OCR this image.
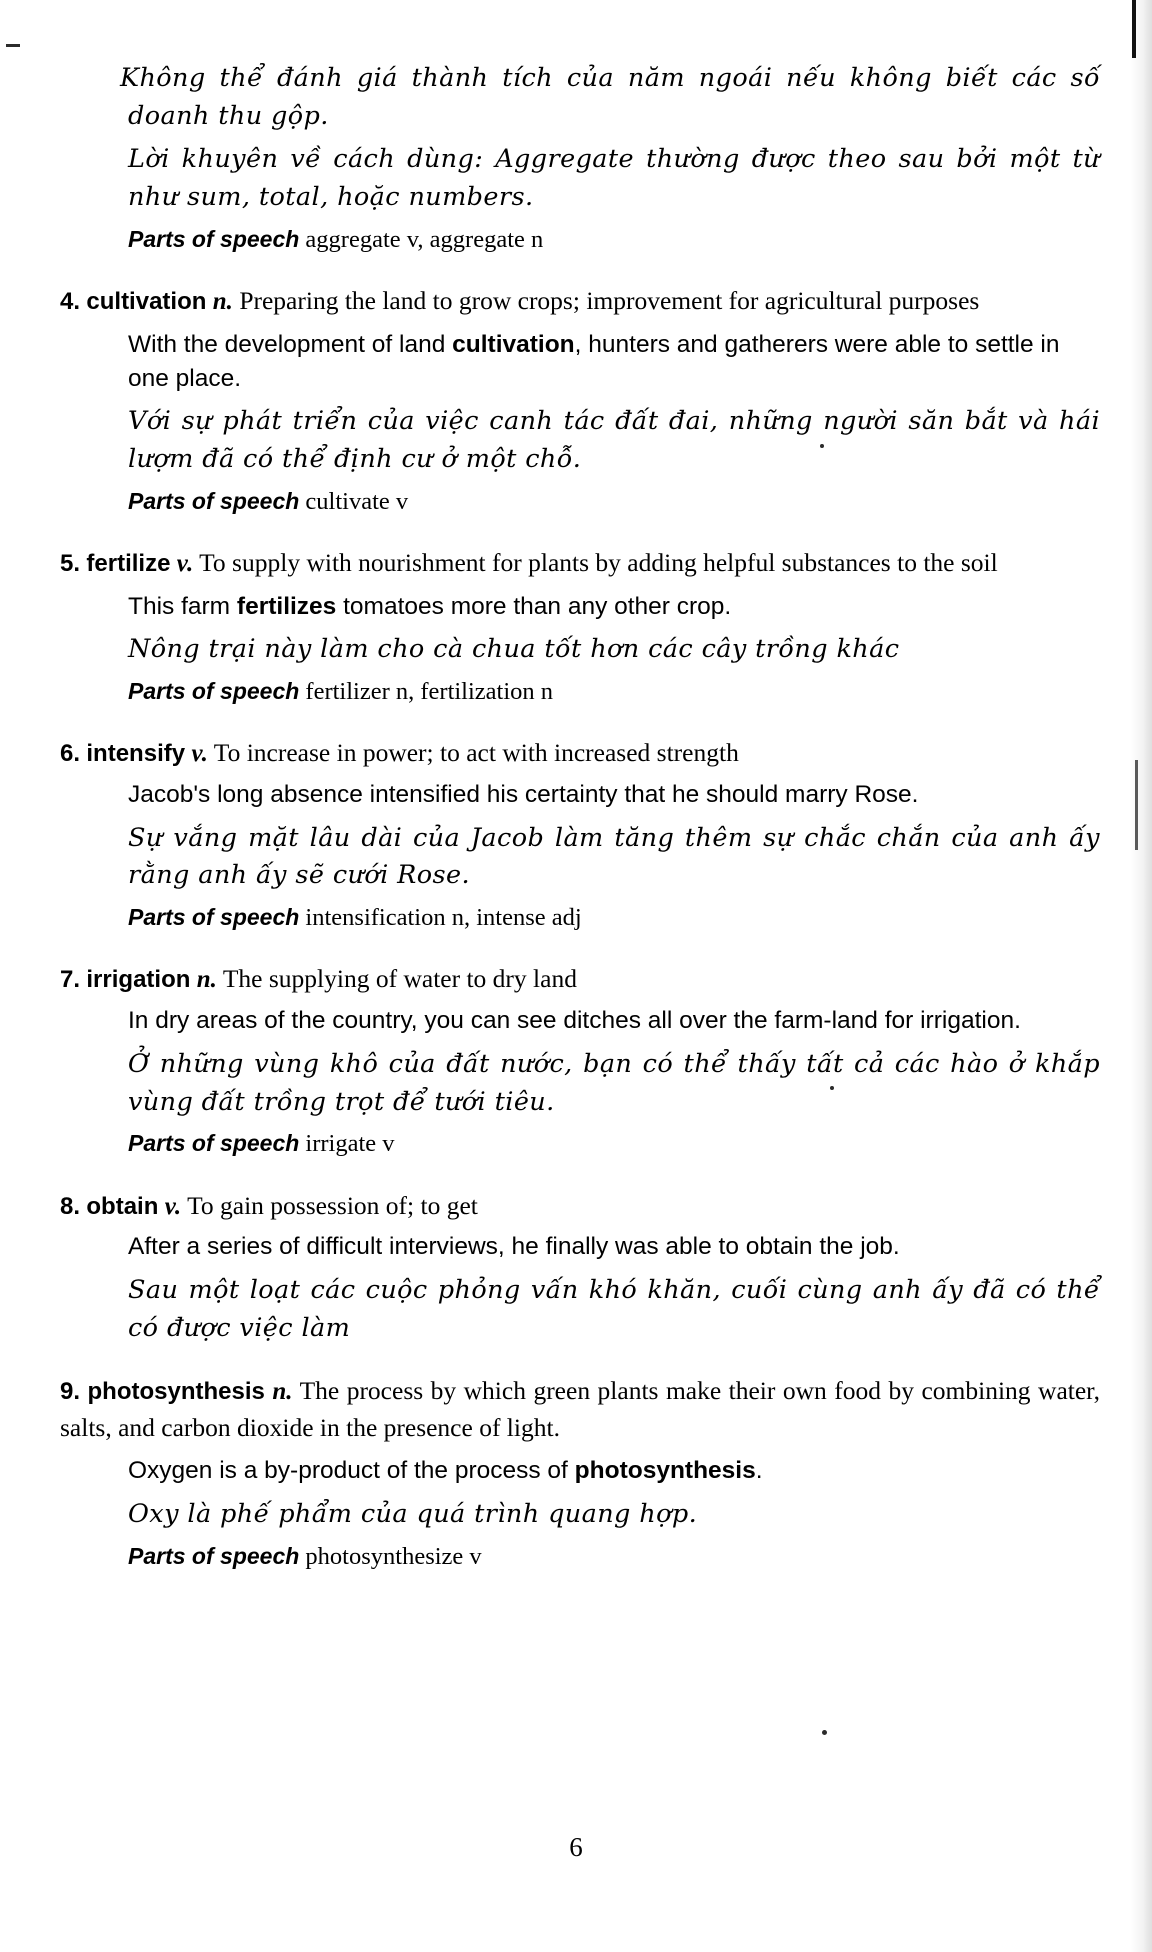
Không thể đánh giá thành tích của năm ngoái nếu không biết các số doanh thu gộp.
Lời khuyên về cách dùng: Aggregate thường được theo sau bởi một từ như sum, total, hoặc numbers.
Parts of speech aggregate v, aggregate n
4. cultivation n. Preparing the land to grow crops; improvement for agricultural purposes
With the development of land cultivation, hunters and gatherers were able to settle in one place.
Với sự phát triển của việc canh tác đất đai, những người săn bắt và hái lượm đã có thể định cư ở một chỗ.
Parts of speech cultivate v
5. fertilize v. To supply with nourishment for plants by adding helpful substances to the soil
This farm fertilizes tomatoes more than any other crop.
Nông trại này làm cho cà chua tốt hơn các cây trồng khác
Parts of speech fertilizer n, fertilization n
6. intensify v. To increase in power; to act with increased strength
Jacob's long absence intensified his certainty that he should marry Rose.
Sự vắng mặt lâu dài của Jacob làm tăng thêm sự chắc chắn của anh ấy rằng anh ấy sẽ cưới Rose.
Parts of speech intensification n, intense adj
7. irrigation n. The supplying of water to dry land
In dry areas of the country, you can see ditches all over the farm-land for irrigation.
Ở những vùng khô của đất nước, bạn có thể thấy tất cả các hào ở khắp vùng đất trồng trọt để tưới tiêu.
Parts of speech irrigate v
8. obtain v. To gain possession of; to get
After a series of difficult interviews, he finally was able to obtain the job.
Sau một loạt các cuộc phỏng vấn khó khăn, cuối cùng anh ấy đã có thể có được việc làm
9. photosynthesis n. The process by which green plants make their own food by combining water, salts, and carbon dioxide in the presence of light.
Oxygen is a by-product of the process of photosynthesis.
Oxy là phế phẩm của quá trình quang hợp.
Parts of speech photosynthesize v
6
